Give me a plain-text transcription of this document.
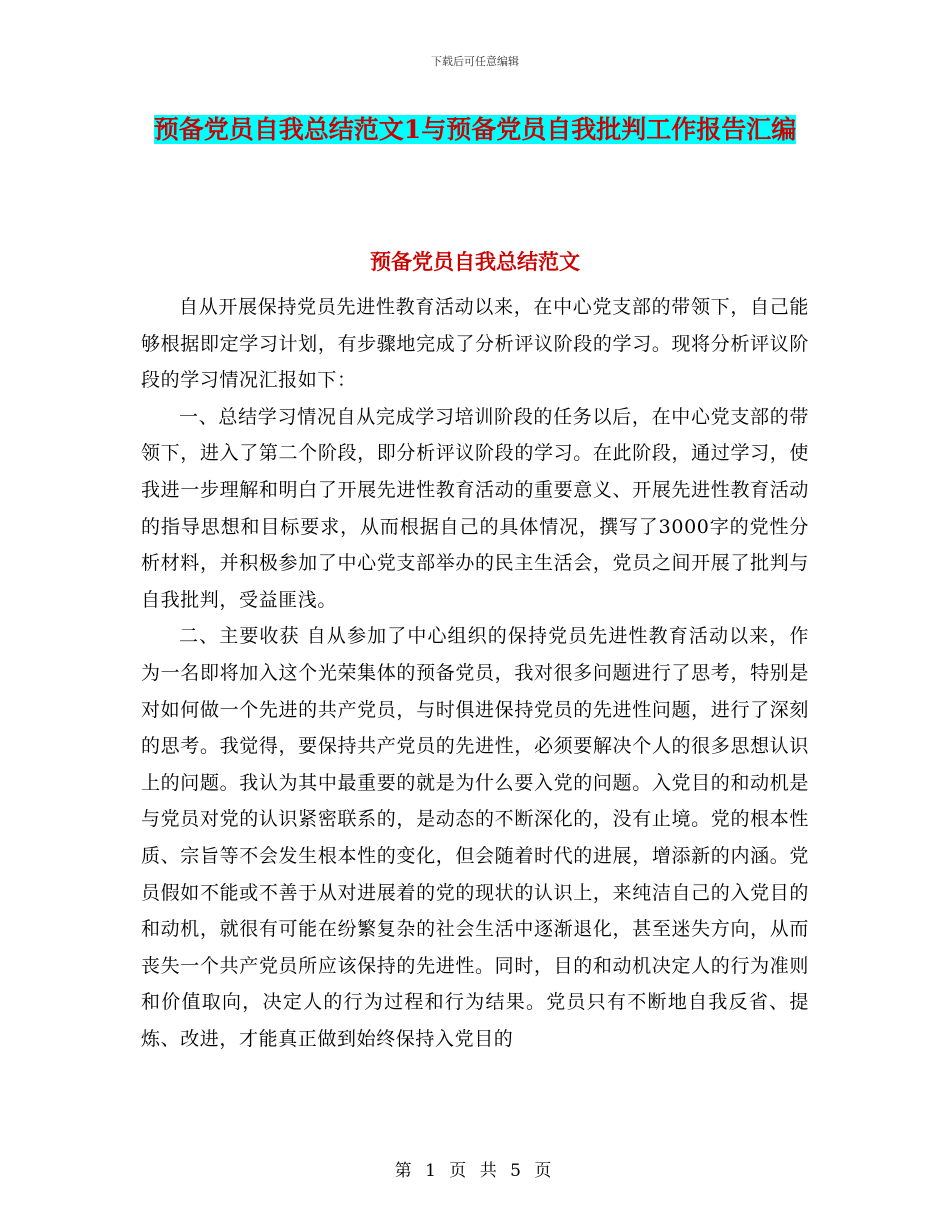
下载后可任意编辑
预备党员自我总结范文1与预备党员自我批判工作报告汇编
预备党员自我总结范文

自从开展保持党员先进性教育活动以来，在中心党支部的带领下，自己能够根据即定学习计划，有步骤地完成了分析评议阶段的学习。现将分析评议阶段的学习情况汇报如下：

一、总结学习情况自从完成学习培训阶段的任务以后，在中心党支部的带领下，进入了第二个阶段，即分析评议阶段的学习。在此阶段，通过学习，使我进一步理解和明白了开展先进性教育活动的重要意义、开展先进性教育活动的指导思想和目标要求，从而根据自己的具体情况，撰写了3000字的党性分析材料，并积极参加了中心党支部举办的民主生活会，党员之间开展了批判与自我批判，受益匪浅。

二、主要收获 自从参加了中心组织的保持党员先进性教育活动以来，作为一名即将加入这个光荣集体的预备党员，我对很多问题进行了思考，特别是对如何做一个先进的共产党员，与时俱进保持党员的先进性问题，进行了深刻的思考。我觉得，要保持共产党员的先进性，必须要解决个人的很多思想认识上的问题。我认为其中最重要的就是为什么要入党的问题。入党目的和动机是与党员对党的认识紧密联系的，是动态的不断深化的，没有止境。党的根本性质、宗旨等不会发生根本性的变化，但会随着时代的进展，增添新的内涵。党员假如不能或不善于从对进展着的党的现状的认识上，来纯洁自己的入党目的和动机，就很有可能在纷繁复杂的社会生活中逐渐退化，甚至迷失方向，从而丧失一个共产党员所应该保持的先进性。同时，目的和动机决定人的行为准则和价值取向，决定人的行为过程和行为结果。党员只有不断地自我反省、提炼、改进，才能真正做到始终保持入党目的

第 1 页 共 5 页
